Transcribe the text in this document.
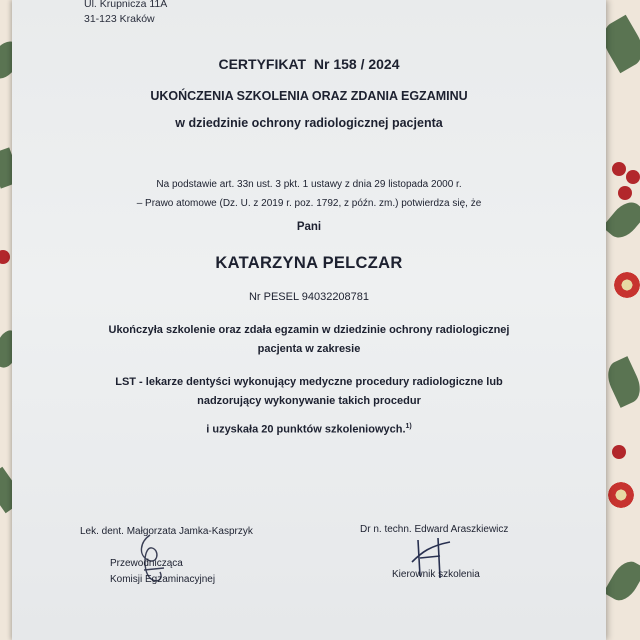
Ul. Krupnicza 11A
31-123 Kraków
CERTYFIKAT  Nr 158 / 2024
UKOŃCZENIA SZKOLENIA ORAZ ZDANIA EGZAMINU
w dziedzinie ochrony radiologicznej pacjenta
Na podstawie art. 33n ust. 3 pkt. 1 ustawy z dnia 29 listopada 2000 r.
– Prawo atomowe (Dz. U. z 2019 r. poz. 1792, z późn. zm.) potwierdza się, że
Pani
KATARZYNA PELCZAR
Nr PESEL 94032208781
Ukończyła szkolenie oraz zdała egzamin w dziedzinie ochrony radiologicznej
pacjenta w zakresie
LST - lekarze dentyści wykonujący medyczne procedury radiologiczne lub
nadzorujący wykonywanie takich procedur
i uzyskała 20 punktów szkoleniowych.$^{1)}$
Lek. dent. Małgorzata Jamka-Kasprzyk
Przewodnicząca
Komisji Egzaminacyjnej
Dr n. techn. Edward Araszkiewicz
Kierownik szkolenia
